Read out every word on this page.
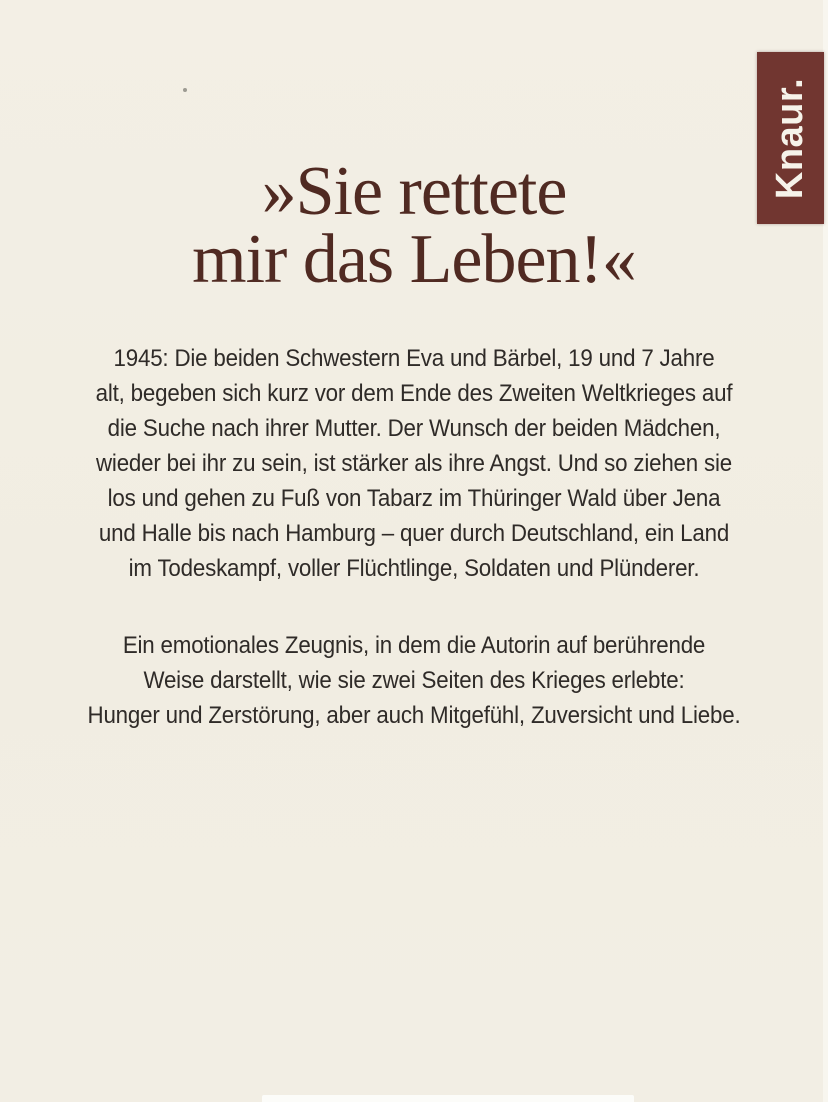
Knaur.
»Sie rettete
mir das Leben!«
1945: Die beiden Schwestern Eva und Bärbel, 19 und 7 Jahre
alt, begeben sich kurz vor dem Ende des Zweiten Weltkrieges auf
die Suche nach ihrer Mutter. Der Wunsch der beiden Mädchen,
wieder bei ihr zu sein, ist stärker als ihre Angst. Und so ziehen sie
los und gehen zu Fuß von Tabarz im Thüringer Wald über Jena
und Halle bis nach Hamburg – quer durch Deutschland, ein Land
im Todeskampf, voller Flüchtlinge, Soldaten und Plünderer.
Ein emotionales Zeugnis, in dem die Autorin auf berührende
Weise darstellt, wie sie zwei Seiten des Krieges erlebte:
Hunger und Zerstörung, aber auch Mitgefühl, Zuversicht und Liebe.
